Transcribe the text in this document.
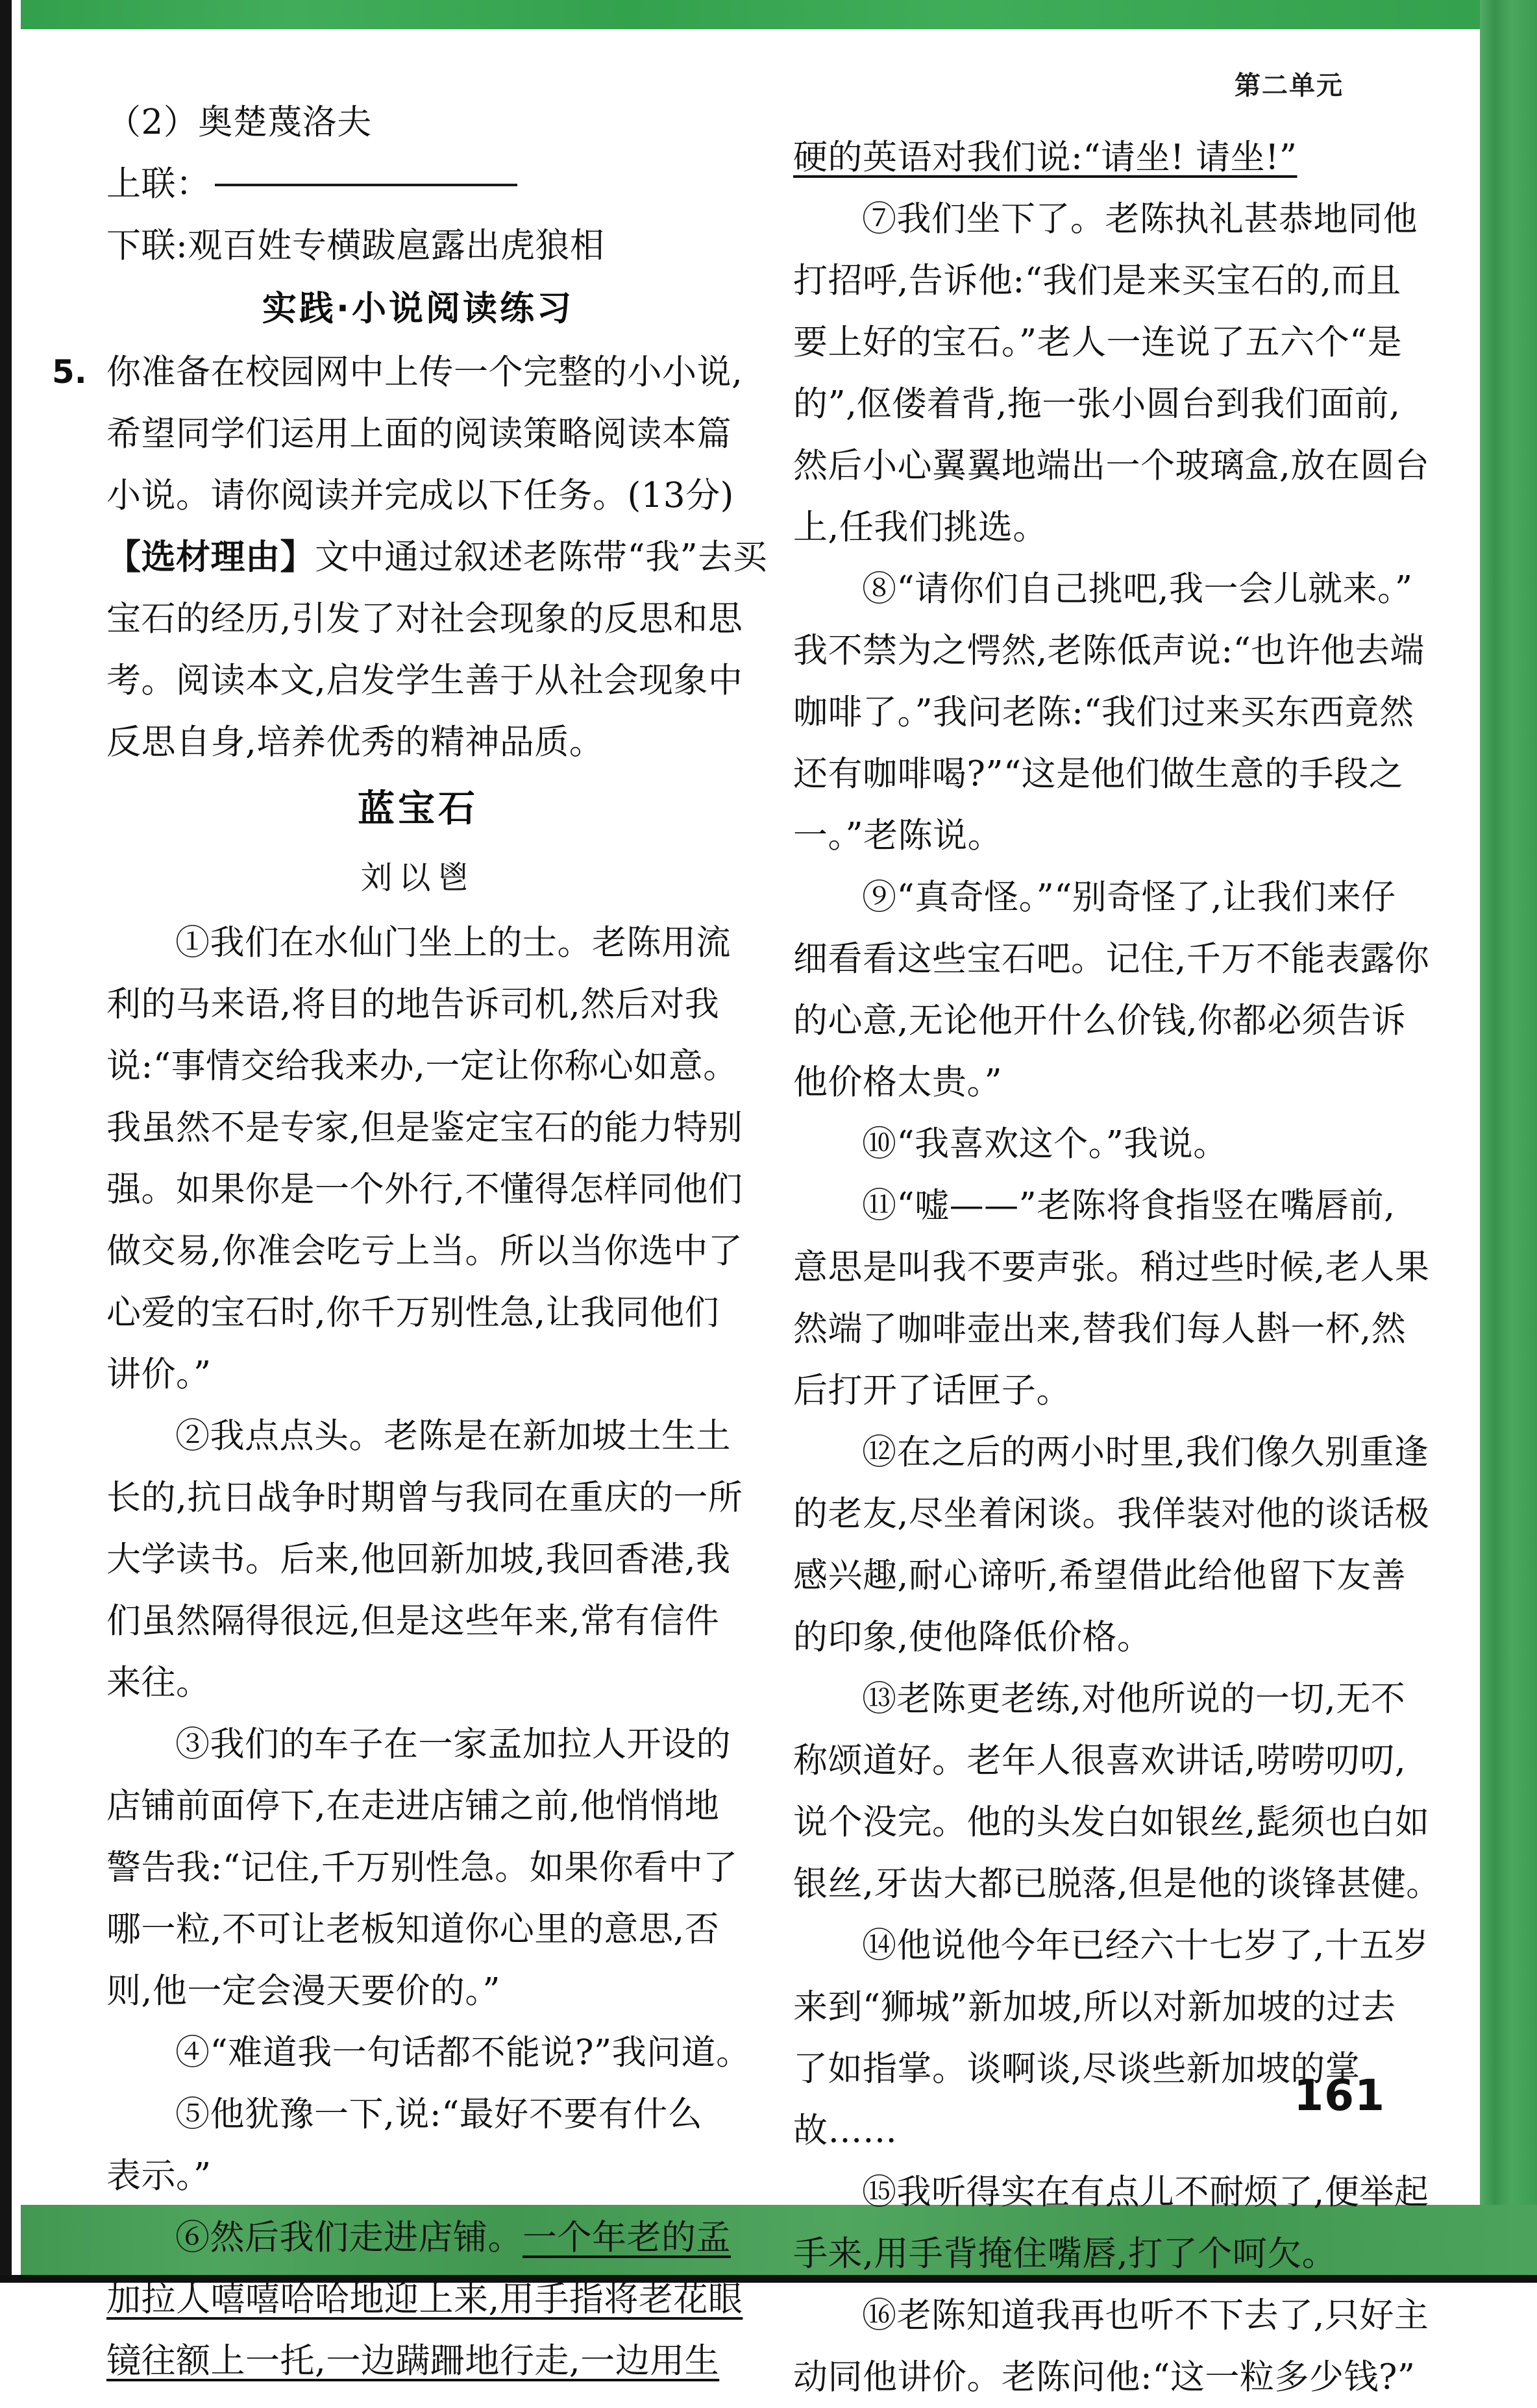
第二单元
（2）奥楚蔑洛夫
上联：
下联:观百姓专横跋扈露出虎狼相
实践·小说阅读练习
5. 你准备在校园网中上传一个完整的小小说,
希望同学们运用上面的阅读策略阅读本篇
小说。请你阅读并完成以下任务。(13分)
【选材理由】文中通过叙述老陈带“我”去买
宝石的经历,引发了对社会现象的反思和思
考。阅读本文,启发学生善于从社会现象中
反思自身,培养优秀的精神品质。
蓝宝石
刘以鬯
①我们在水仙门坐上的士。老陈用流
利的马来语,将目的地告诉司机,然后对我
说:“事情交给我来办,一定让你称心如意。
我虽然不是专家,但是鉴定宝石的能力特别
强。如果你是一个外行,不懂得怎样同他们
做交易,你准会吃亏上当。所以当你选中了
心爱的宝石时,你千万别性急,让我同他们
讲价。”
②我点点头。老陈是在新加坡土生土
长的,抗日战争时期曾与我同在重庆的一所
大学读书。后来,他回新加坡,我回香港,我
们虽然隔得很远,但是这些年来,常有信件
来往。
③我们的车子在一家孟加拉人开设的
店铺前面停下,在走进店铺之前,他悄悄地
警告我:“记住,千万别性急。如果你看中了
哪一粒,不可让老板知道你心里的意思,否
则,他一定会漫天要价的。”
④“难道我一句话都不能说?”我问道。
⑤他犹豫一下,说:“最好不要有什么
表示。”
⑥然后我们走进店铺。一个年老的孟
加拉人嘻嘻哈哈地迎上来,用手指将老花眼
镜往额上一托,一边蹒跚地行走,一边用生
硬的英语对我们说:“请坐! 请坐!”
⑦我们坐下了。老陈执礼甚恭地同他
打招呼,告诉他:“我们是来买宝石的,而且
要上好的宝石。”老人一连说了五六个“是
的”,伛偻着背,拖一张小圆台到我们面前,
然后小心翼翼地端出一个玻璃盒,放在圆台
上,任我们挑选。
⑧“请你们自己挑吧,我一会儿就来。”
我不禁为之愕然,老陈低声说:“也许他去端
咖啡了。”我问老陈:“我们过来买东西竟然
还有咖啡喝?”“这是他们做生意的手段之
一。”老陈说。
⑨“真奇怪。”“别奇怪了,让我们来仔
细看看这些宝石吧。记住,千万不能表露你
的心意,无论他开什么价钱,你都必须告诉
他价格太贵。”
⑩“我喜欢这个。”我说。
⑪“嘘——”老陈将食指竖在嘴唇前,
意思是叫我不要声张。稍过些时候,老人果
然端了咖啡壶出来,替我们每人斟一杯,然
后打开了话匣子。
⑫在之后的两小时里,我们像久别重逢
的老友,尽坐着闲谈。我佯装对他的谈话极
感兴趣,耐心谛听,希望借此给他留下友善
的印象,使他降低价格。
⑬老陈更老练,对他所说的一切,无不
称颂道好。老年人很喜欢讲话,唠唠叨叨,
说个没完。他的头发白如银丝,髭须也白如
银丝,牙齿大都已脱落,但是他的谈锋甚健。
⑭他说他今年已经六十七岁了,十五岁
来到“狮城”新加坡,所以对新加坡的过去
了如指掌。谈啊谈,尽谈些新加坡的掌
故……
⑮我听得实在有点儿不耐烦了,便举起
手来,用手背掩住嘴唇,打了个呵欠。
⑯老陈知道我再也听不下去了,只好主
动同他讲价。老陈问他:“这一粒多少钱?”
161
